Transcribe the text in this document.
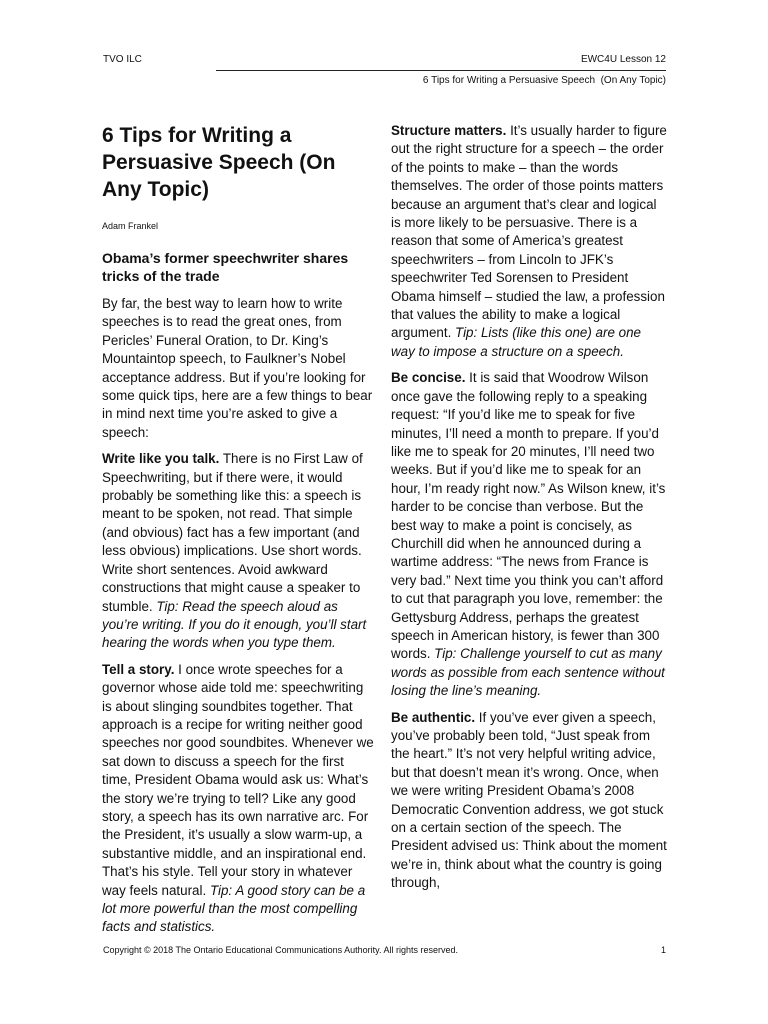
TVO ILC	EWC4U Lesson 12
6 Tips for Writing a Persuasive Speech  (On Any Topic)
6 Tips for Writing a Persuasive Speech (On Any Topic)
Adam Frankel
Obama’s former speechwriter shares tricks of the trade

By far, the best way to learn how to write speeches is to read the great ones, from Pericles’ Funeral Oration, to Dr. King’s Mountaintop speech, to Faulkner’s Nobel acceptance address. But if you’re looking for some quick tips, here are a few things to bear in mind next time you’re asked to give a speech:

Write like you talk. There is no First Law of Speechwriting, but if there were, it would probably be something like this: a speech is meant to be spoken, not read. That simple (and obvious) fact has a few important (and less obvious) implications. Use short words. Write short sentences. Avoid awkward constructions that might cause a speaker to stumble. Tip: Read the speech aloud as you’re writing. If you do it enough, you’ll start hearing the words when you type them.

Tell a story. I once wrote speeches for a governor whose aide told me: speechwriting is about slinging soundbites together. That approach is a recipe for writing neither good speeches nor good soundbites. Whenever we sat down to discuss a speech for the first time, President Obama would ask us: What’s the story we’re trying to tell? Like any good story, a speech has its own narrative arc. For the President, it’s usually a slow warm-up, a substantive middle, and an inspirational end. That’s his style. Tell your story in whatever way feels natural. Tip: A good story can be a lot more powerful than the most compelling facts and statistics.

Structure matters. It’s usually harder to figure out the right structure for a speech – the order of the points to make – than the words themselves. The order of those points matters because an argument that’s clear and logical is more likely to be persuasive. There is a reason that some of America’s greatest speechwriters – from Lincoln to JFK’s speechwriter Ted Sorensen to President Obama himself – studied the law, a profession that values the ability to make a logical argument. Tip: Lists (like this one) are one way to impose a structure on a speech.

Be concise. It is said that Woodrow Wilson once gave the following reply to a speaking request: “If you’d like me to speak for five minutes, I’ll need a month to prepare. If you’d like me to speak for 20 minutes, I’ll need two weeks. But if you’d like me to speak for an hour, I’m ready right now.” As Wilson knew, it’s harder to be concise than verbose. But the best way to make a point is concisely, as Churchill did when he announced during a wartime address: “The news from France is very bad.” Next time you think you can’t afford to cut that paragraph you love, remember: the Gettysburg Address, perhaps the greatest speech in American history, is fewer than 300 words. Tip: Challenge yourself to cut as many words as possible from each sentence without losing the line’s meaning.

Be authentic. If you’ve ever given a speech, you’ve probably been told, “Just speak from the heart.” It’s not very helpful writing advice, but that doesn’t mean it’s wrong. Once, when we were writing President Obama’s 2008 Democratic Convention address, we got stuck on a certain section of the speech. The President advised us: Think about the moment we’re in, think about what the country is going through,

Copyright © 2018 The Ontario Educational Communications Authority. All rights reserved.	1
